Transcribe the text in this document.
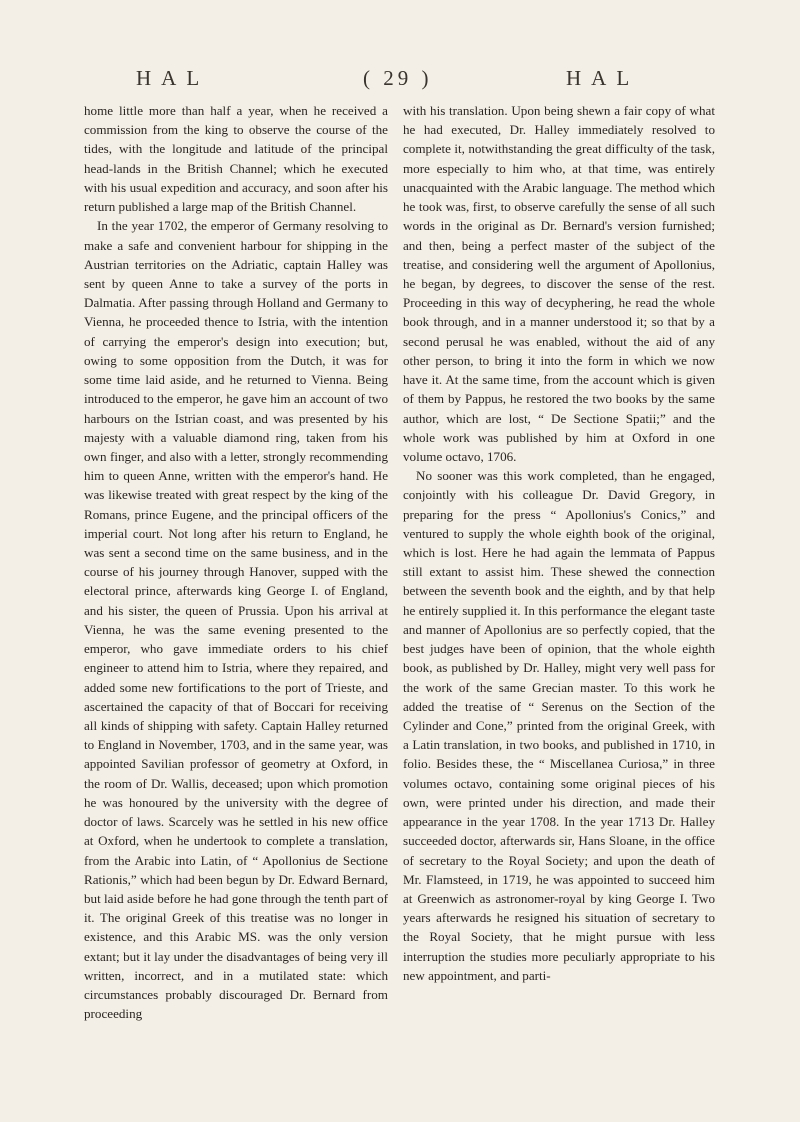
HAL	( 29 )	HAL

home little more than half a year, when he received a commission from the king to observe the course of the tides, with the longitude and latitude of the principal head-lands in the British Channel; which he executed with his usual expedition and accuracy, and soon after his return published a large map of the British Channel.

In the year 1702, the emperor of Germany resolving to make a safe and convenient harbour for shipping in the Austrian territories on the Adriatic, captain Halley was sent by queen Anne to take a survey of the ports in Dalmatia. After passing through Holland and Germany to Vienna, he proceeded thence to Istria, with the intention of carrying the emperor's design into execution; but, owing to some opposition from the Dutch, it was for some time laid aside, and he returned to Vienna. Being introduced to the emperor, he gave him an account of two harbours on the Istrian coast, and was presented by his majesty with a valuable diamond ring, taken from his own finger, and also with a letter, strongly recommending him to queen Anne, written with the emperor's hand. He was likewise treated with great respect by the king of the Romans, prince Eugene, and the principal officers of the imperial court. Not long after his return to England, he was sent a second time on the same business, and in the course of his journey through Hanover, supped with the electoral prince, afterwards king George I. of England, and his sister, the queen of Prussia. Upon his arrival at Vienna, he was the same evening presented to the emperor, who gave immediate orders to his chief engineer to attend him to Istria, where they repaired, and added some new fortifications to the port of Trieste, and ascertained the capacity of that of Boccari for receiving all kinds of shipping with safety. Captain Halley returned to England in November, 1703, and in the same year, was appointed Savilian professor of geometry at Oxford, in the room of Dr. Wallis, deceased; upon which promotion he was honoured by the university with the degree of doctor of laws. Scarcely was he settled in his new office at Oxford, when he undertook to complete a translation, from the Arabic into Latin, of “ Apollonius de Sectione Rationis,” which had been begun by Dr. Edward Bernard, but laid aside before he had gone through the tenth part of it. The original Greek of this treatise was no longer in existence, and this Arabic MS. was the only version extant; but it lay under the disadvantages of being very ill written, incorrect, and in a mutilated state: which circumstances probably discouraged Dr. Bernard from proceeding

with his translation. Upon being shewn a fair copy of what he had executed, Dr. Halley immediately resolved to complete it, notwithstanding the great difficulty of the task, more especially to him who, at that time, was entirely unacquainted with the Arabic language. The method which he took was, first, to observe carefully the sense of all such words in the original as Dr. Bernard's version furnished; and then, being a perfect master of the subject of the treatise, and considering well the argument of Apollonius, he began, by degrees, to discover the sense of the rest. Proceeding in this way of decyphering, he read the whole book through, and in a manner understood it; so that by a second perusal he was enabled, without the aid of any other person, to bring it into the form in which we now have it. At the same time, from the account which is given of them by Pappus, he restored the two books by the same author, which are lost, “ De Sectione Spatii;” and the whole work was published by him at Oxford in one volume octavo, 1706.

No sooner was this work completed, than he engaged, conjointly with his colleague Dr. David Gregory, in preparing for the press “ Apollonius's Conics,” and ventured to supply the whole eighth book of the original, which is lost. Here he had again the lemmata of Pappus still extant to assist him. These shewed the connection between the seventh book and the eighth, and by that help he entirely supplied it. In this performance the elegant taste and manner of Apollonius are so perfectly copied, that the best judges have been of opinion, that the whole eighth book, as published by Dr. Halley, might very well pass for the work of the same Grecian master. To this work he added the treatise of “ Serenus on the Section of the Cylinder and Cone,” printed from the original Greek, with a Latin translation, in two books, and published in 1710, in folio. Besides these, the “ Miscellanea Curiosa,” in three volumes octavo, containing some original pieces of his own, were printed under his direction, and made their appearance in the year 1708. In the year 1713 Dr. Halley succeeded doctor, afterwards sir, Hans Sloane, in the office of secretary to the Royal Society; and upon the death of Mr. Flamsteed, in 1719, he was appointed to succeed him at Greenwich as astronomer-royal by king George I. Two years afterwards he resigned his situation of secretary to the Royal Society, that he might pursue with less interruption the studies more peculiarly appropriate to his new appointment, and parti-
